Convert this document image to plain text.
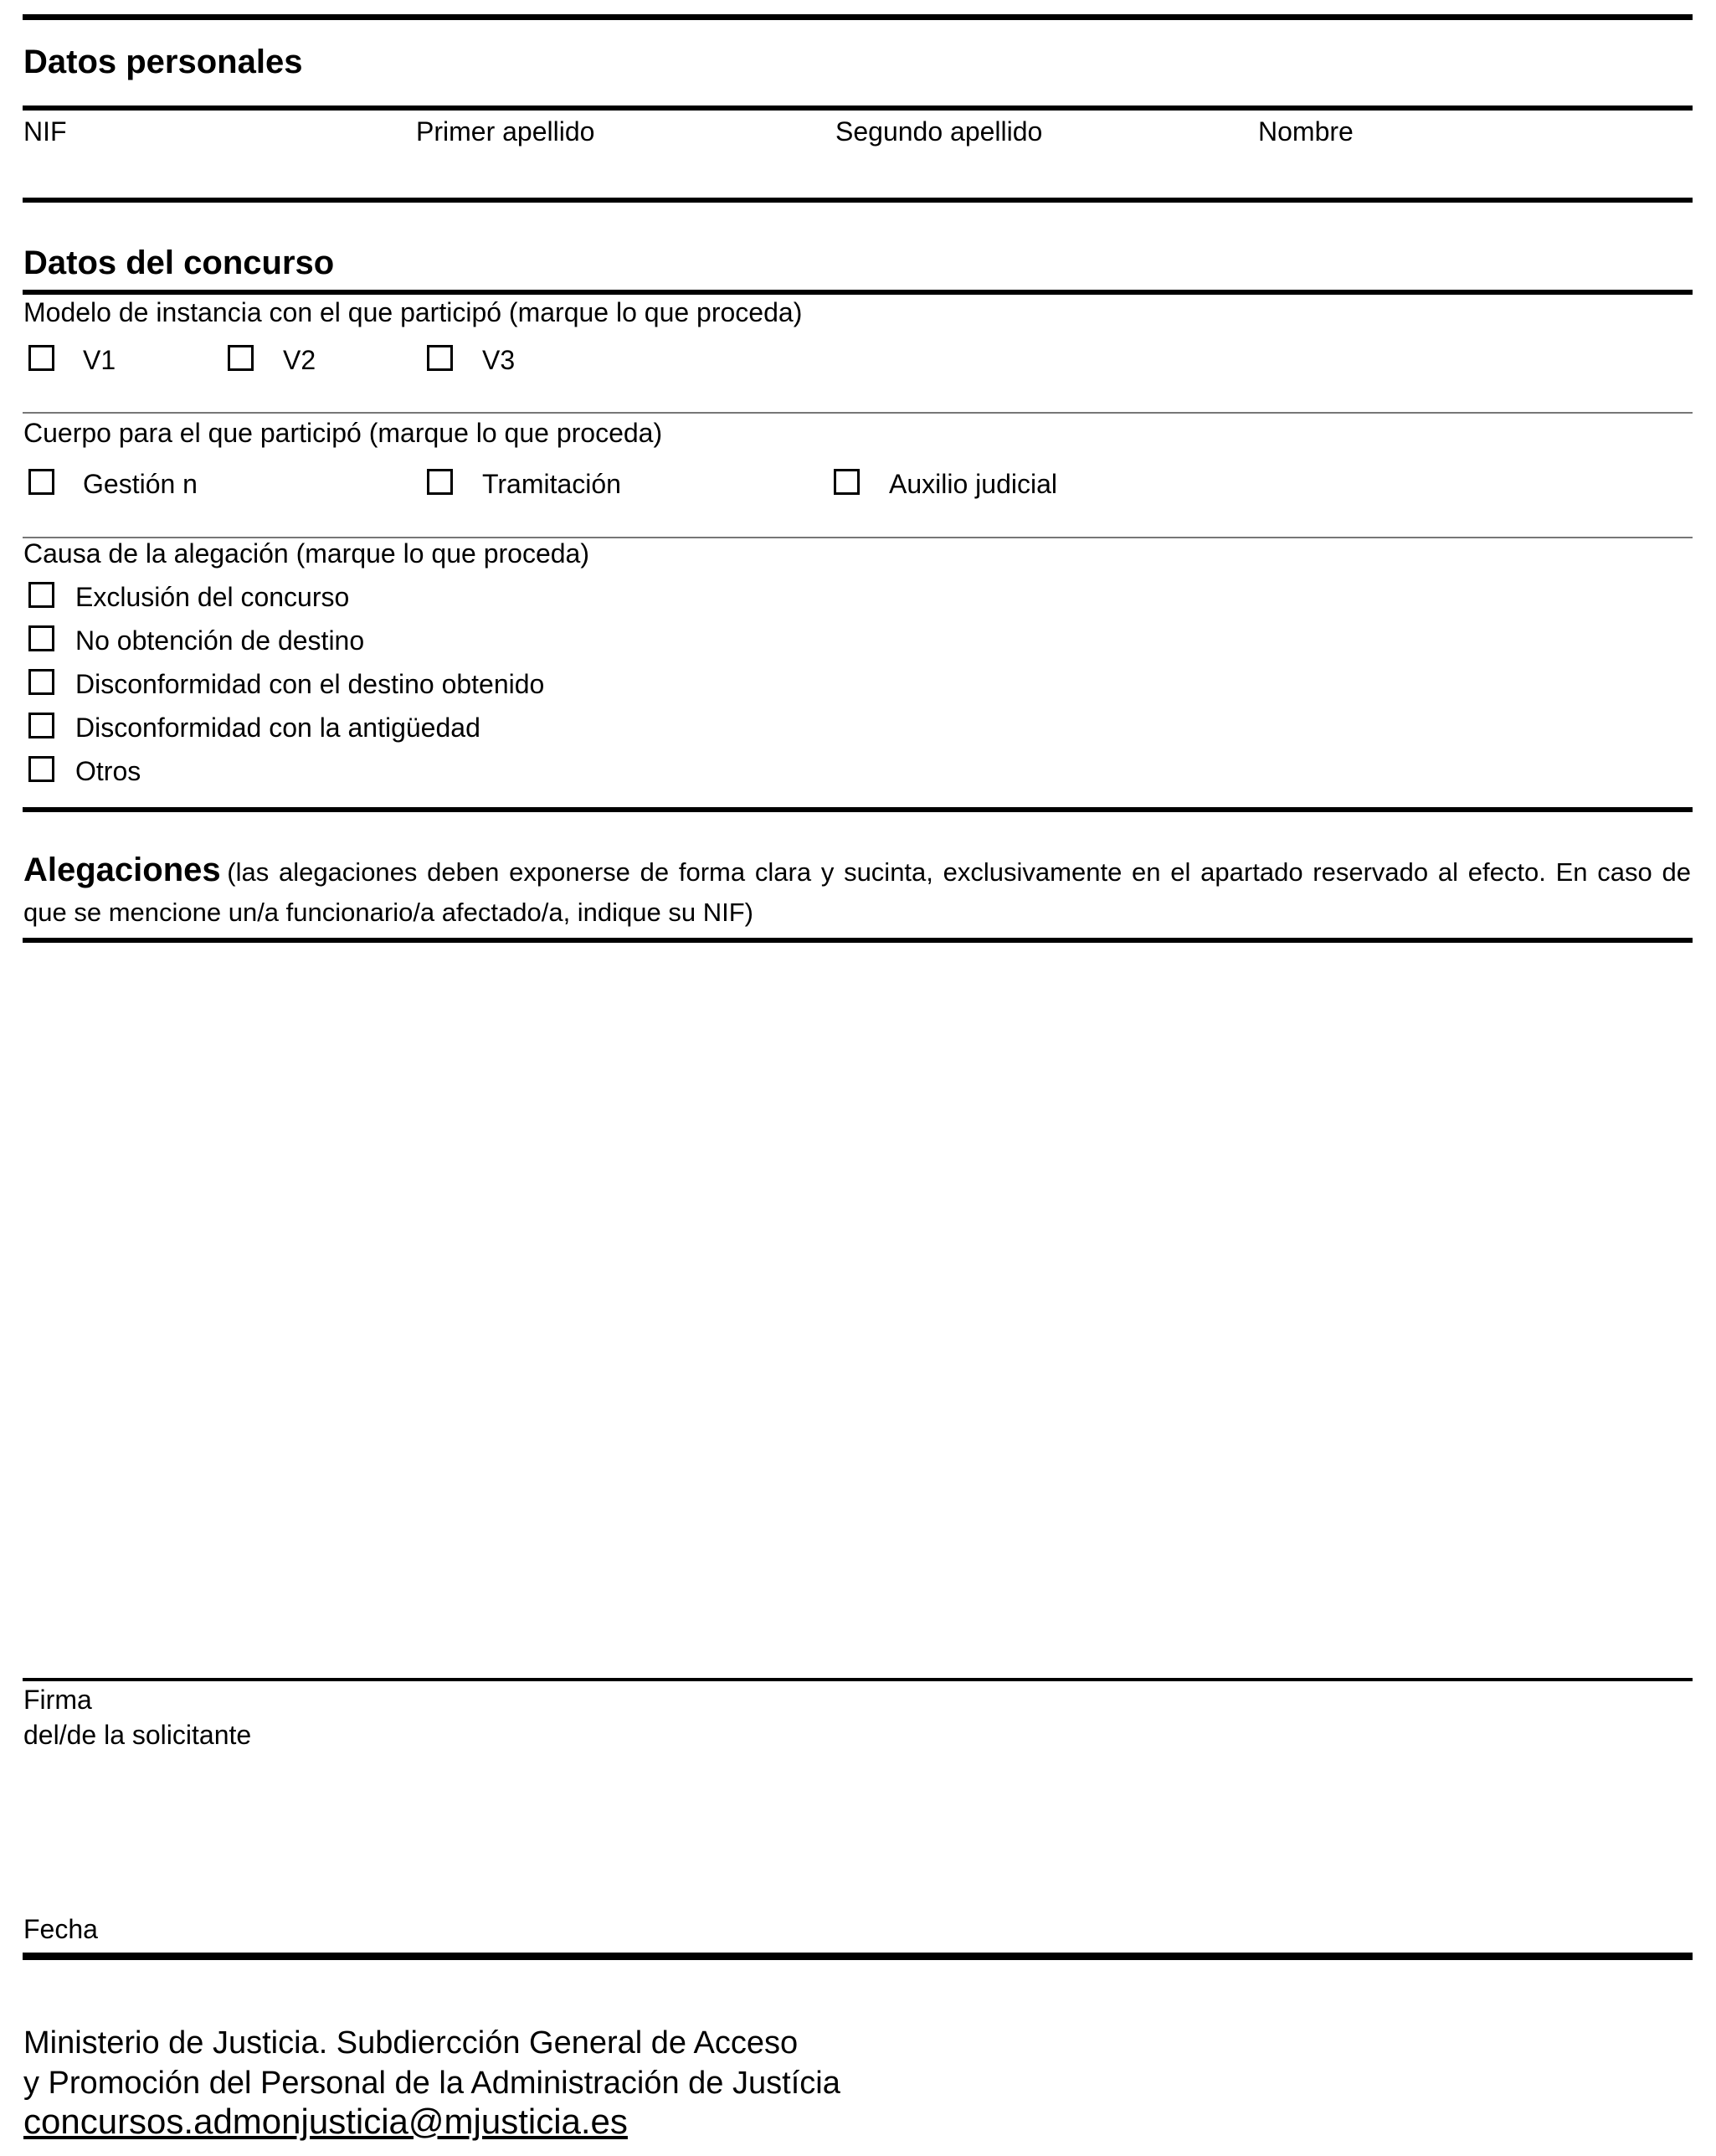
Datos personales
NIF	Primer apellido	Segundo apellido	Nombre
Datos del concurso
Modelo de instancia con el que participó (marque lo que proceda)
V1	V2	V3
Cuerpo para el que participó (marque lo que proceda)
Gestión n	Tramitación	Auxilio judicial
Causa de la alegación (marque lo que proceda)
Exclusión del concurso
No obtención de destino
Disconformidad con el destino obtenido
Disconformidad con la antigüedad
Otros
Alegaciones (las alegaciones deben exponerse de forma clara y sucinta, exclusivamente en el apartado reservado al efecto. En caso de que se mencione un/a funcionario/a afectado/a, indique su NIF)
Firma
del/de la solicitante
Fecha
Ministerio de Justicia. Subdiercción General de Acceso
y Promoción del Personal de la Administración de Justícia
concursos.admonjusticia@mjusticia.es
